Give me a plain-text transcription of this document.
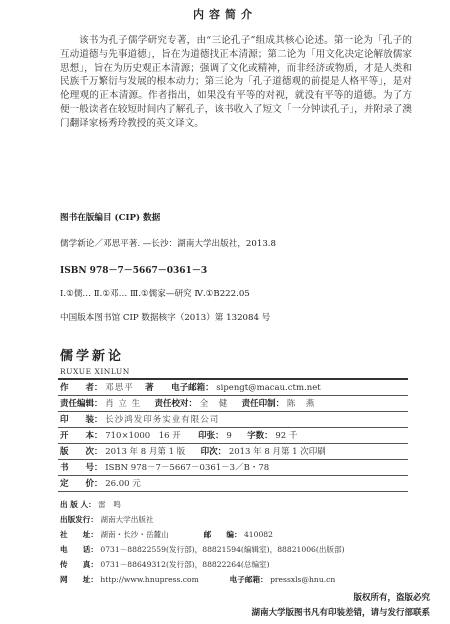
内容简介

该书为孔子儒学研究专著，由“三论孔子”组成其核心论述。第一论为「孔子的互动道德与先事道德」，旨在为道德找正本清源；第二论为「用文化决定论解放儒家思想」，旨在为历史观正本清源；强调了文化或精神，而非经济或物质，才是人类和民族千万繁衍与发展的根本动力；第三论为「孔子道德观的前提是人格平等」，是对伦理观的正本清源。作者指出，如果没有平等的对视，就没有平等的道德。为了方便一般读者在较短时间内了解孔子，该书收入了短文「一分钟读孔子」，并附录了澳门翻译家杨秀玲教授的英文译文。

图书在版编目 (CIP) 数据
儒学新论／邓思平著. —长沙：湖南大学出版社，2013.8
ISBN 978－7－5667－0361－3
Ⅰ.①儒… Ⅱ.①邓… Ⅲ.①儒家—研究 Ⅳ.①B222.05
中国版本图书馆 CIP 数据核字（2013）第 132084 号
儒学新论
RUXUE XINLUN
作　　者： 邓思平 著 电子邮箱： sipengt@macau.ctm.net
责任编辑： 肖 立 生 责任校对： 全　健 责任印制： 陈　燕
印　　装： 长沙鸿发印务实业有限公司
开　　本： 710×1000　16 开 印张： 9 字数： 92 千
版　　次： 2013 年 8 月第 1 版 印次： 2013 年 8 月第 1 次印刷
书　　号： ISBN 978－7－5667－0361－3／B・78
定　　价： 26.00 元
出 版 人： 雷　鸣
出版发行： 湖南大学出版社
社　　址： 湖南・长沙・岳麓山	邮　　编： 410082
电　　话： 0731－88822559(发行部)，88821594(编辑室)，88821006(出版部)
传　　真： 0731－88649312(发行部)，88822264(总编室)
网　　址： http://www.hnupress.com	电子邮箱： pressxls@hnu.cn
版权所有，盗版必究
湖南大学版图书凡有印装差错，请与发行部联系
